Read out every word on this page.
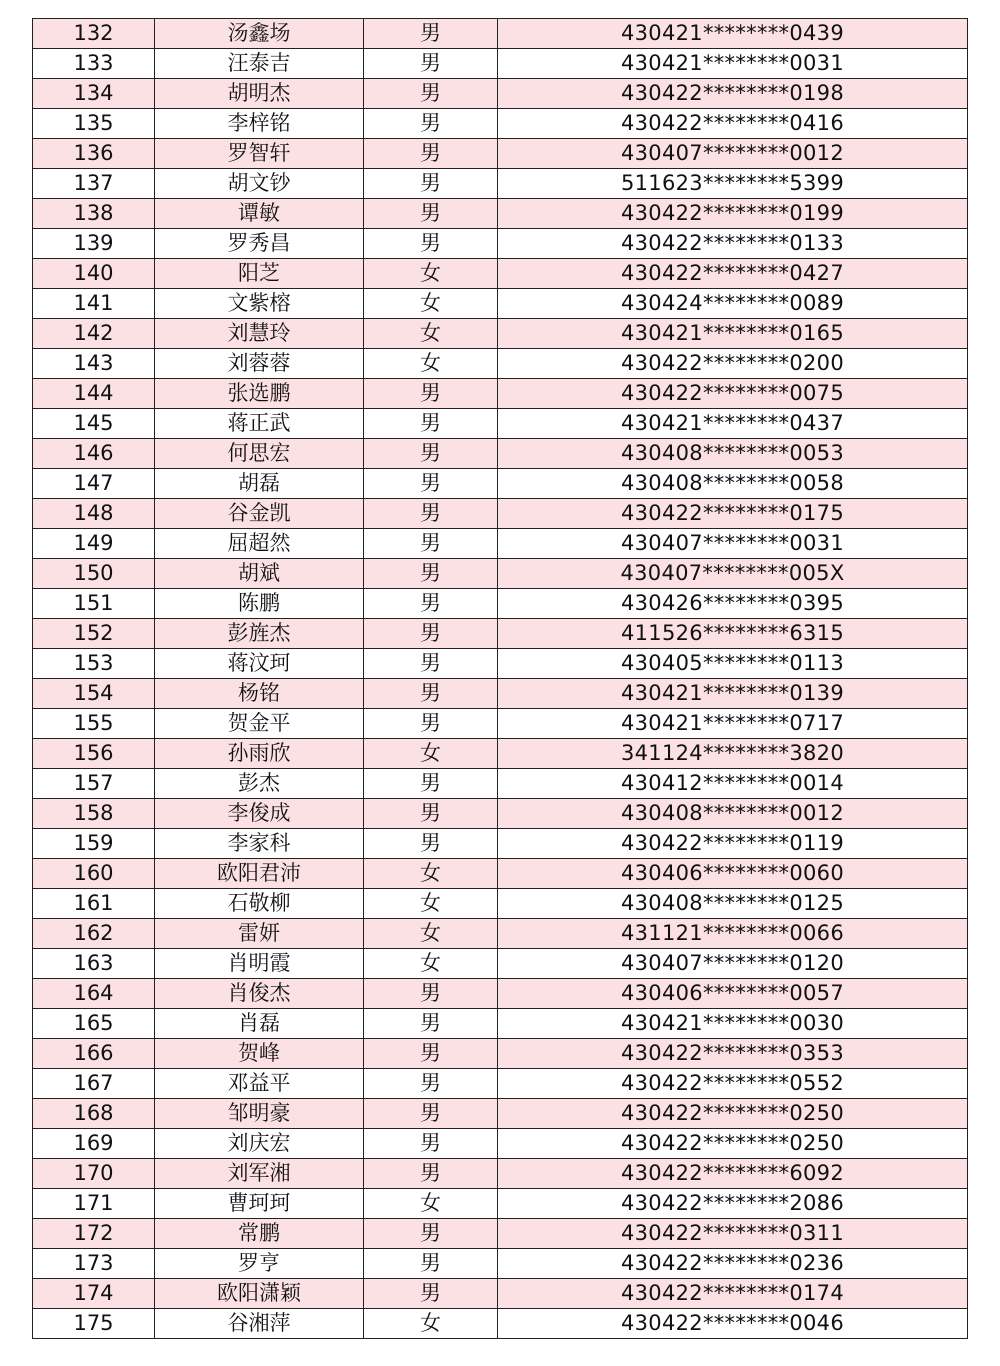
132	汤鑫场	男	430421********0439
133	汪泰吉	男	430421********0031
134	胡明杰	男	430422********0198
135	李梓铭	男	430422********0416
136	罗智轩	男	430407********0012
137	胡文钞	男	511623********5399
138	谭敏	男	430422********0199
139	罗秀昌	男	430422********0133
140	阳芝	女	430422********0427
141	文紫榕	女	430424********0089
142	刘慧玲	女	430421********0165
143	刘蓉蓉	女	430422********0200
144	张选鹏	男	430422********0075
145	蒋正武	男	430421********0437
146	何思宏	男	430408********0053
147	胡磊	男	430408********0058
148	谷金凯	男	430422********0175
149	屈超然	男	430407********0031
150	胡斌	男	430407********005X
151	陈鹏	男	430426********0395
152	彭旌杰	男	411526********6315
153	蒋汶珂	男	430405********0113
154	杨铭	男	430421********0139
155	贺金平	男	430421********0717
156	孙雨欣	女	341124********3820
157	彭杰	男	430412********0014
158	李俊成	男	430408********0012
159	李家科	男	430422********0119
160	欧阳君沛	女	430406********0060
161	石敬柳	女	430408********0125
162	雷妍	女	431121********0066
163	肖明霞	女	430407********0120
164	肖俊杰	男	430406********0057
165	肖磊	男	430421********0030
166	贺峰	男	430422********0353
167	邓益平	男	430422********0552
168	邹明豪	男	430422********0250
169	刘庆宏	男	430422********0250
170	刘军湘	男	430422********6092
171	曹珂珂	女	430422********2086
172	常鹏	男	430422********0311
173	罗亨	男	430422********0236
174	欧阳潇颖	男	430422********0174
175	谷湘萍	女	430422********0046
